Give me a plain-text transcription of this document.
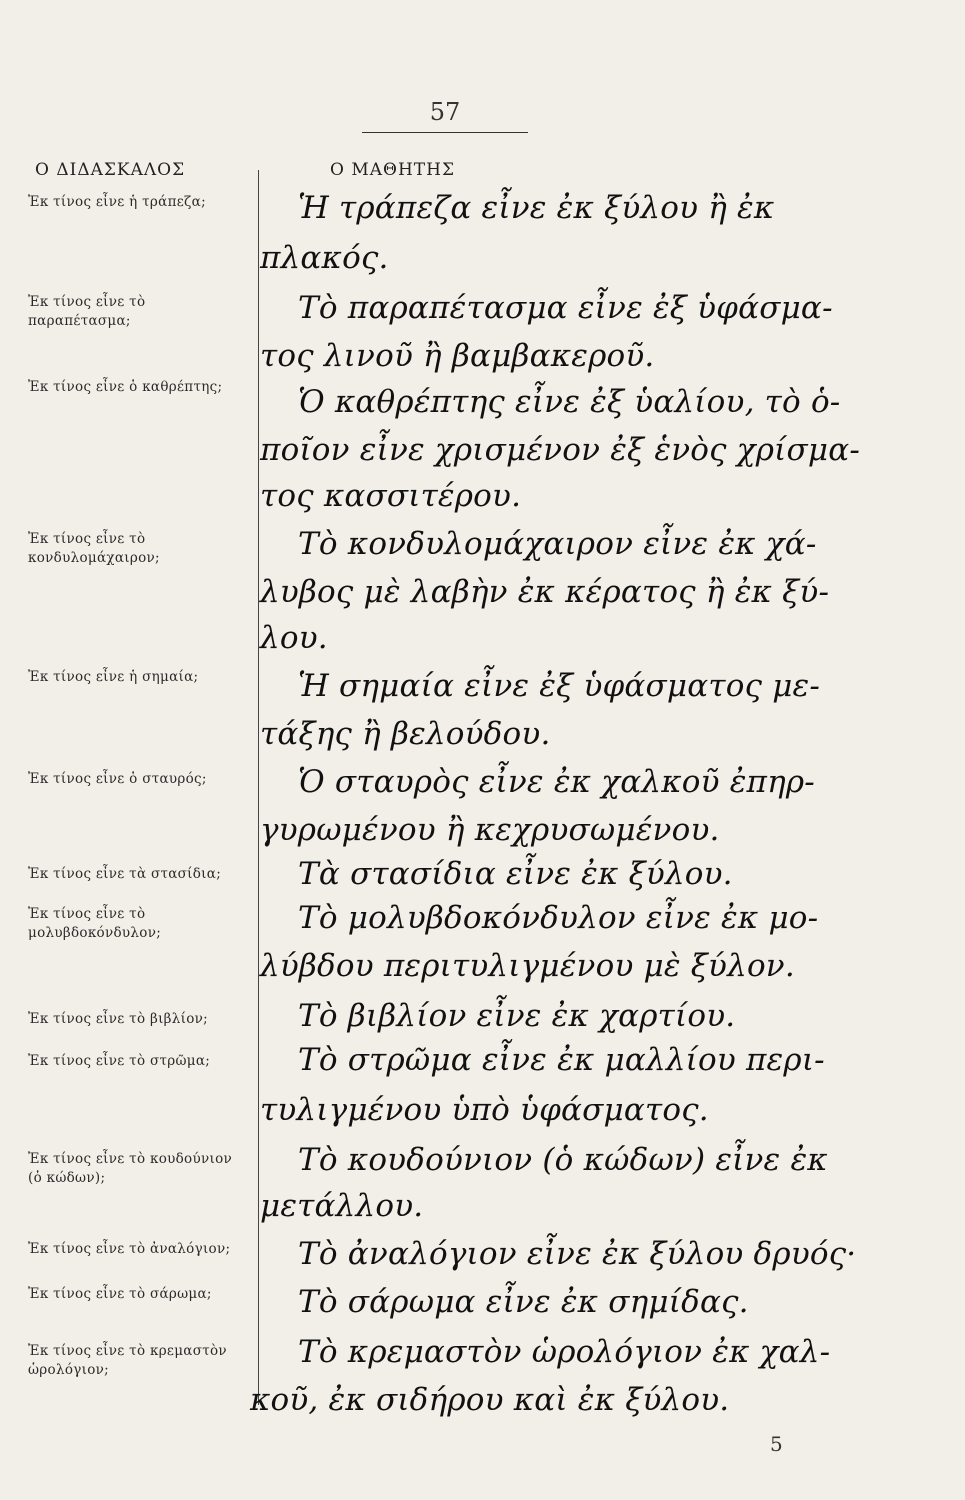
57
Ο ΔΙΔΑΣΚΑΛΟΣ	Ο ΜΑΘΗΤΗΣ
Ἐκ τίνος εἶνε ἡ τράπεζα;
Ἐκ τίνος εἶνε τὸ παραπέτασμα;
Ἐκ τίνος εἶνε ὁ καθρέπτης;
Ἐκ τίνος εἶνε τὸ κονδυλομάχαιρον;
Ἐκ τίνος εἶνε ἡ σημαία;
Ἐκ τίνος εἶνε ὁ σταυρός;
Ἐκ τίνος εἶνε τὰ στασίδια;
Ἐκ τίνος εἶνε τὸ μολυβδοκόνδυλον;
Ἐκ τίνος εἶνε τὸ βιβλίον;
Ἐκ τίνος εἶνε τὸ στρῶμα;
Ἐκ τίνος εἶνε τὸ κουδούνιον (ὁ κώδων);
Ἐκ τίνος εἶνε τὸ ἀναλόγιον;
Ἐκ τίνος εἶνε τὸ σάρωμα;
Ἐκ τίνος εἶνε τὸ κρεμαστὸν ὡρολόγιον;
Ἡ τράπεζα εἶνε ἐκ ξύλου ἢ ἐκ
πλακός.
Τὸ παραπέτασμα εἶνε ἐξ ὑφάσμα-
τος λινοῦ ἢ βαμβακεροῦ.
Ὁ καθρέπτης εἶνε ἐξ ὑαλίου, τὸ ὁ-
ποῖον εἶνε χρισμένον ἐξ ἑνὸς χρίσμα-
τος κασσιτέρου.
Τὸ κονδυλομάχαιρον εἶνε ἐκ χά-
λυβος μὲ λαβὴν ἐκ κέρατος ἢ ἐκ ξύ-
λου.
Ἡ σημαία εἶνε ἐξ ὑφάσματος με-
τάξης ἢ βελούδου.
Ὁ σταυρὸς εἶνε ἐκ χαλκοῦ ἐπηρ-
γυρωμένου ἢ κεχρυσωμένου.
Τὰ στασίδια εἶνε ἐκ ξύλου.
Τὸ μολυβδοκόνδυλον εἶνε ἐκ μο-
λύβδου περιτυλιγμένου μὲ ξύλον.
Τὸ βιβλίον εἶνε ἐκ χαρτίου.
Τὸ στρῶμα εἶνε ἐκ μαλλίου περι-
τυλιγμένου ὑπὸ ὑφάσματος.
Τὸ κουδούνιον (ὁ κώδων) εἶνε ἐκ
μετάλλου.
Τὸ ἀναλόγιον εἶνε ἐκ ξύλου δρυός·
Τὸ σάρωμα εἶνε ἐκ σημίδας.
Τὸ κρεμαστὸν ὡρολόγιον ἐκ χαλ-
κοῦ, ἐκ σιδήρου καὶ ἐκ ξύλου.
5
